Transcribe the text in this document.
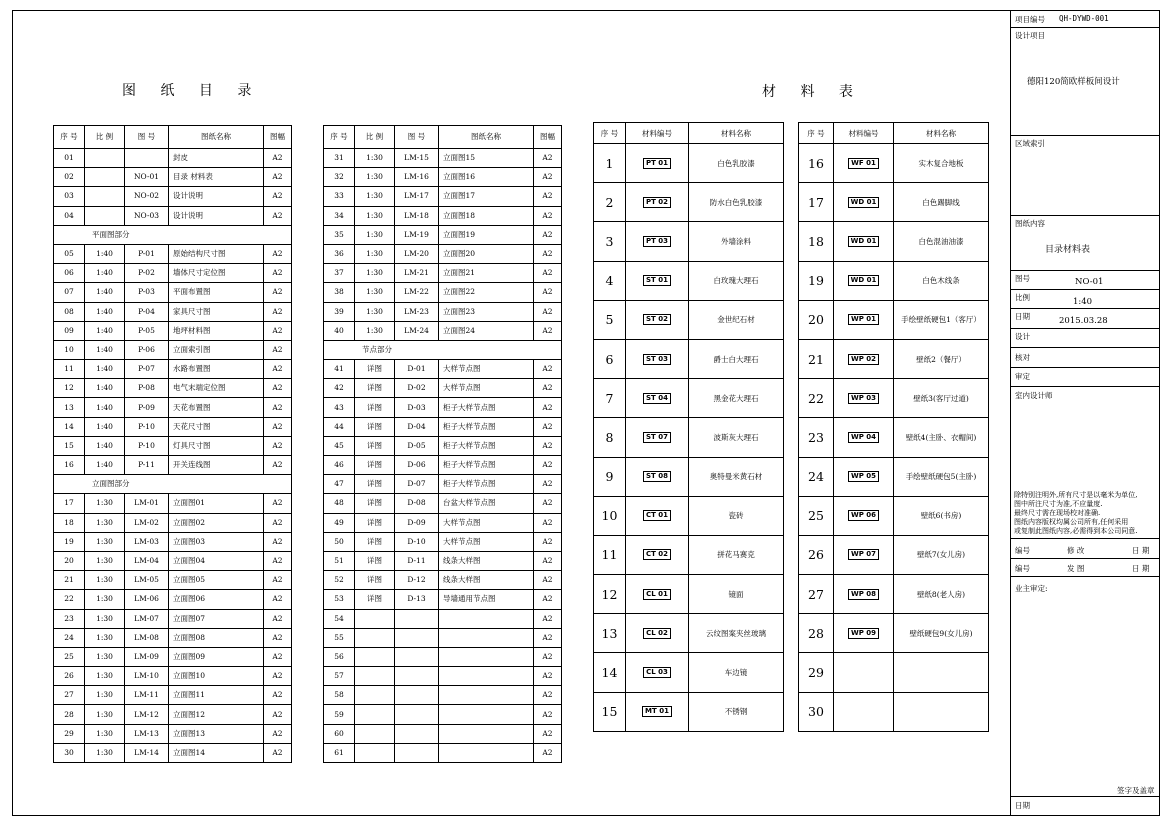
图 纸 目 录	材 料 表
序 号	比 例	图 号	图纸名称	图幅
01			封皮	A2
02		NO-01	目录 材料表	A2
03		NO-02	设计说明	A2
04		NO-03	设计说明	A2
平面图部分				
05	1:40	P-01	原始结构尺寸图	A2
06	1:40	P-02	墙体尺寸定位图	A2
07	1:40	P-03	平面布置图	A2
08	1:40	P-04	家具尺寸图	A2
09	1:40	P-05	地坪材料图	A2
10	1:40	P-06	立面索引图	A2
11	1:40	P-07	水路布置图	A2
12	1:40	P-08	电气末端定位图	A2
13	1:40	P-09	天花布置图	A2
14	1:40	P-10	天花尺寸图	A2
15	1:40	P-10	灯具尺寸图	A2
16	1:40	P-11	开关连线图	A2
立面图部分				
17	1:30	LM-01	立面图01	A2
18	1:30	LM-02	立面图02	A2
19	1:30	LM-03	立面图03	A2
20	1:30	LM-04	立面图04	A2
21	1:30	LM-05	立面图05	A2
22	1:30	LM-06	立面图06	A2
23	1:30	LM-07	立面图07	A2
24	1:30	LM-08	立面图08	A2
25	1:30	LM-09	立面图09	A2
26	1:30	LM-10	立面图10	A2
27	1:30	LM-11	立面图11	A2
28	1:30	LM-12	立面图12	A2
29	1:30	LM-13	立面图13	A2
30	1:30	LM-14	立面图14	A2
序 号	比 例	图 号	图纸名称	图幅
31	1:30	LM-15	立面图15	A2
32	1:30	LM-16	立面图16	A2
33	1:30	LM-17	立面图17	A2
34	1:30	LM-18	立面图18	A2
35	1:30	LM-19	立面图19	A2
36	1:30	LM-20	立面图20	A2
37	1:30	LM-21	立面图21	A2
38	1:30	LM-22	立面图22	A2
39	1:30	LM-23	立面图23	A2
40	1:30	LM-24	立面图24	A2
节点部分				
41	详图	D-01	大样节点图	A2
42	详图	D-02	大样节点图	A2
43	详图	D-03	柜子大样节点图	A2
44	详图	D-04	柜子大样节点图	A2
45	详图	D-05	柜子大样节点图	A2
46	详图	D-06	柜子大样节点图	A2
47	详图	D-07	柜子大样节点图	A2
48	详图	D-08	台盆大样节点图	A2
49	详图	D-09	大样节点图	A2
50	详图	D-10	大样节点图	A2
51	详图	D-11	线条大样图	A2
52	详图	D-12	线条大样图	A2
53	详图	D-13	导墙通用节点图	A2
54				A2
55				A2
56				A2
57				A2
58				A2
59				A2
60				A2
61				A2
序 号	材料编号	材料名称
1	PT 01	白色乳胶漆
2	PT 02	防水白色乳胶漆
3	PT 03	外墙涂料
4	ST 01	白玫瑰大理石
5	ST 02	金世纪石材
6	ST 03	爵士白大理石
7	ST 04	黑金花大理石
8	ST 07	波斯灰大理石
9	ST 08	奥特曼米黄石材
10	CT 01	瓷砖
11	CT 02	拼花马赛克
12	CL 01	镜面
13	CL 02	云纹图案夹丝玻璃
14	CL 03	车边镜
15	MT 01	不锈钢
序 号	材料编号	材料名称
16	WF 01	实木复合地板
17	WD 01	白色踢脚线
18	WD 01	白色混油油漆
19	WD 01	白色木线条
20	WP 01	手绘壁纸硬包1（客厅）
21	WP 02	壁纸2（餐厅）
22	WP 03	壁纸3(客厅过道)
23	WP 04	壁纸4(主卧、衣帽间)
24	WP 05	手绘壁纸硬包5(主卧)
25	WP 06	壁纸6(书房)
26	WP 07	壁纸7(女儿房)
27	WP 08	壁纸8(老人房)
28	WP 09	壁纸硬包9(女儿房)
29		
30		
项目编号 QH-DYWD-001
设计项目
德阳120简欧样板间设计
区域索引
图纸内容
目录材料表
图号	NO-01
比例	1:40
日期	2015.03.28
设计
核对
审定
室内设计师
除特别注明外,所有尺寸是以毫米为单位,
图中所注尺寸为准,不应量度.
最终尺寸需在现场校对准确.
图纸内容版权均属公司所有,任何采用
或复制此图纸内容,必需得到本公司同意.
编号	修 改	日 期
编号	发 图	日 期
业主审定:
签字及盖章
日期
